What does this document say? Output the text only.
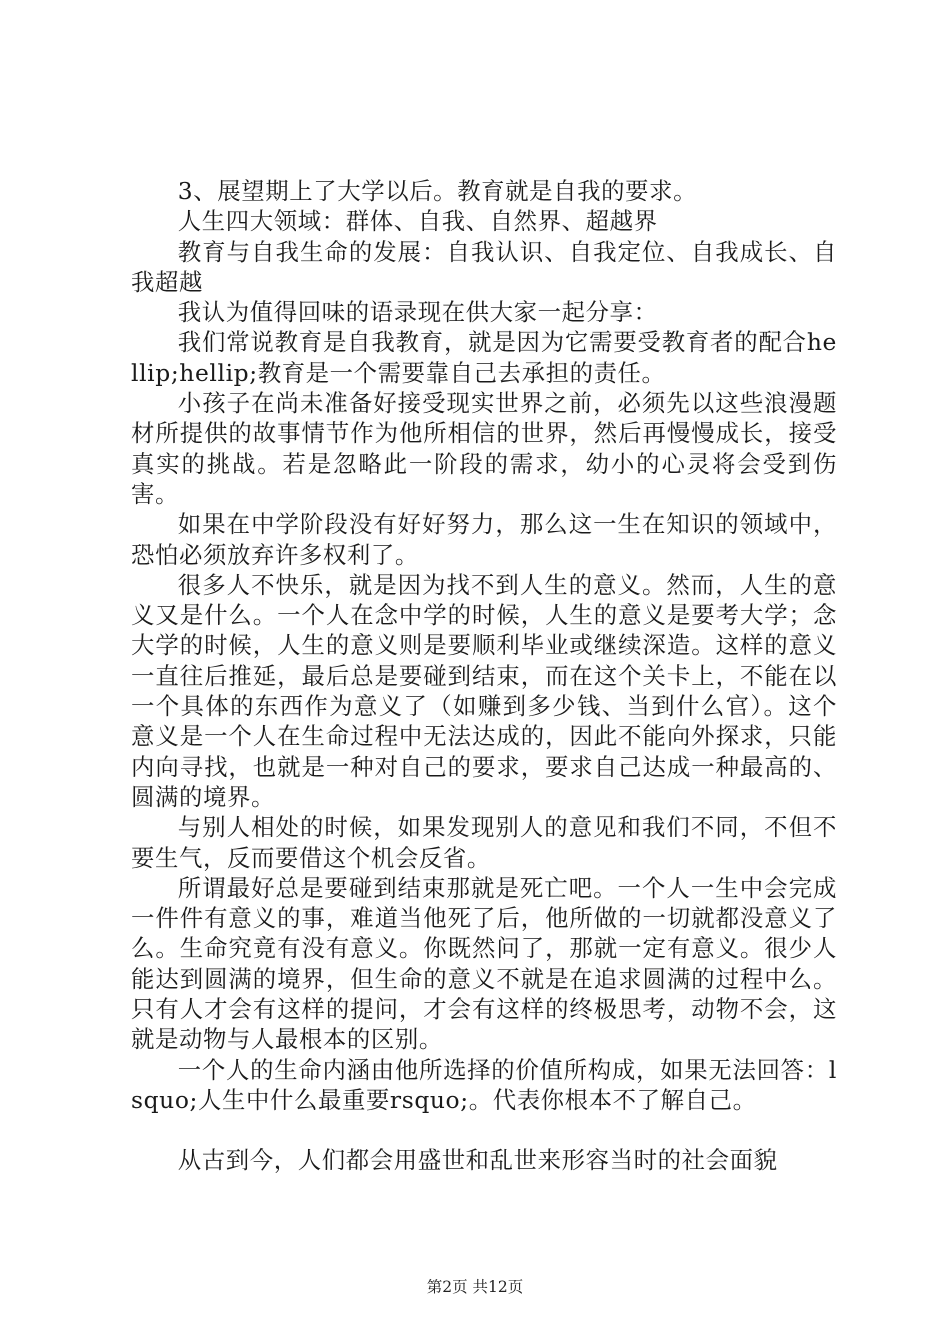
3、展望期上了大学以后。教育就是自我的要求。

人生四大领域：群体、自我、自然界、超越界

教育与自我生命的发展：自我认识、自我定位、自我成长、自我超越

我认为值得回味的语录现在供大家一起分享：

我们常说教育是自我教育，就是因为它需要受教育者的配合hellip;hellip;教育是一个需要靠自己去承担的责任。

小孩子在尚未准备好接受现实世界之前，必须先以这些浪漫题材所提供的故事情节作为他所相信的世界，然后再慢慢成长，接受真实的挑战。若是忽略此一阶段的需求，幼小的心灵将会受到伤害。

如果在中学阶段没有好好努力，那么这一生在知识的领域中，恐怕必须放弃许多权利了。

很多人不快乐，就是因为找不到人生的意义。然而，人生的意义又是什么。一个人在念中学的时候，人生的意义是要考大学；念大学的时候，人生的意义则是要顺利毕业或继续深造。这样的意义一直往后推延，最后总是要碰到结束，而在这个关卡上，不能在以一个具体的东西作为意义了（如赚到多少钱、当到什么官）。这个意义是一个人在生命过程中无法达成的，因此不能向外探求，只能内向寻找，也就是一种对自己的要求，要求自己达成一种最高的、圆满的境界。

与别人相处的时候，如果发现别人的意见和我们不同，不但不要生气，反而要借这个机会反省。

所谓最好总是要碰到结束那就是死亡吧。一个人一生中会完成一件件有意义的事，难道当他死了后，他所做的一切就都没意义了么。生命究竟有没有意义。你既然问了，那就一定有意义。很少人能达到圆满的境界，但生命的意义不就是在追求圆满的过程中么。只有人才会有这样的提问，才会有这样的终极思考，动物不会，这就是动物与人最根本的区别。

一个人的生命内涵由他所选择的价值所构成，如果无法回答：lsquo;人生中什么最重要rsquo;。代表你根本不了解自己。

从古到今，人们都会用盛世和乱世来形容当时的社会面貌

第2页 共12页
